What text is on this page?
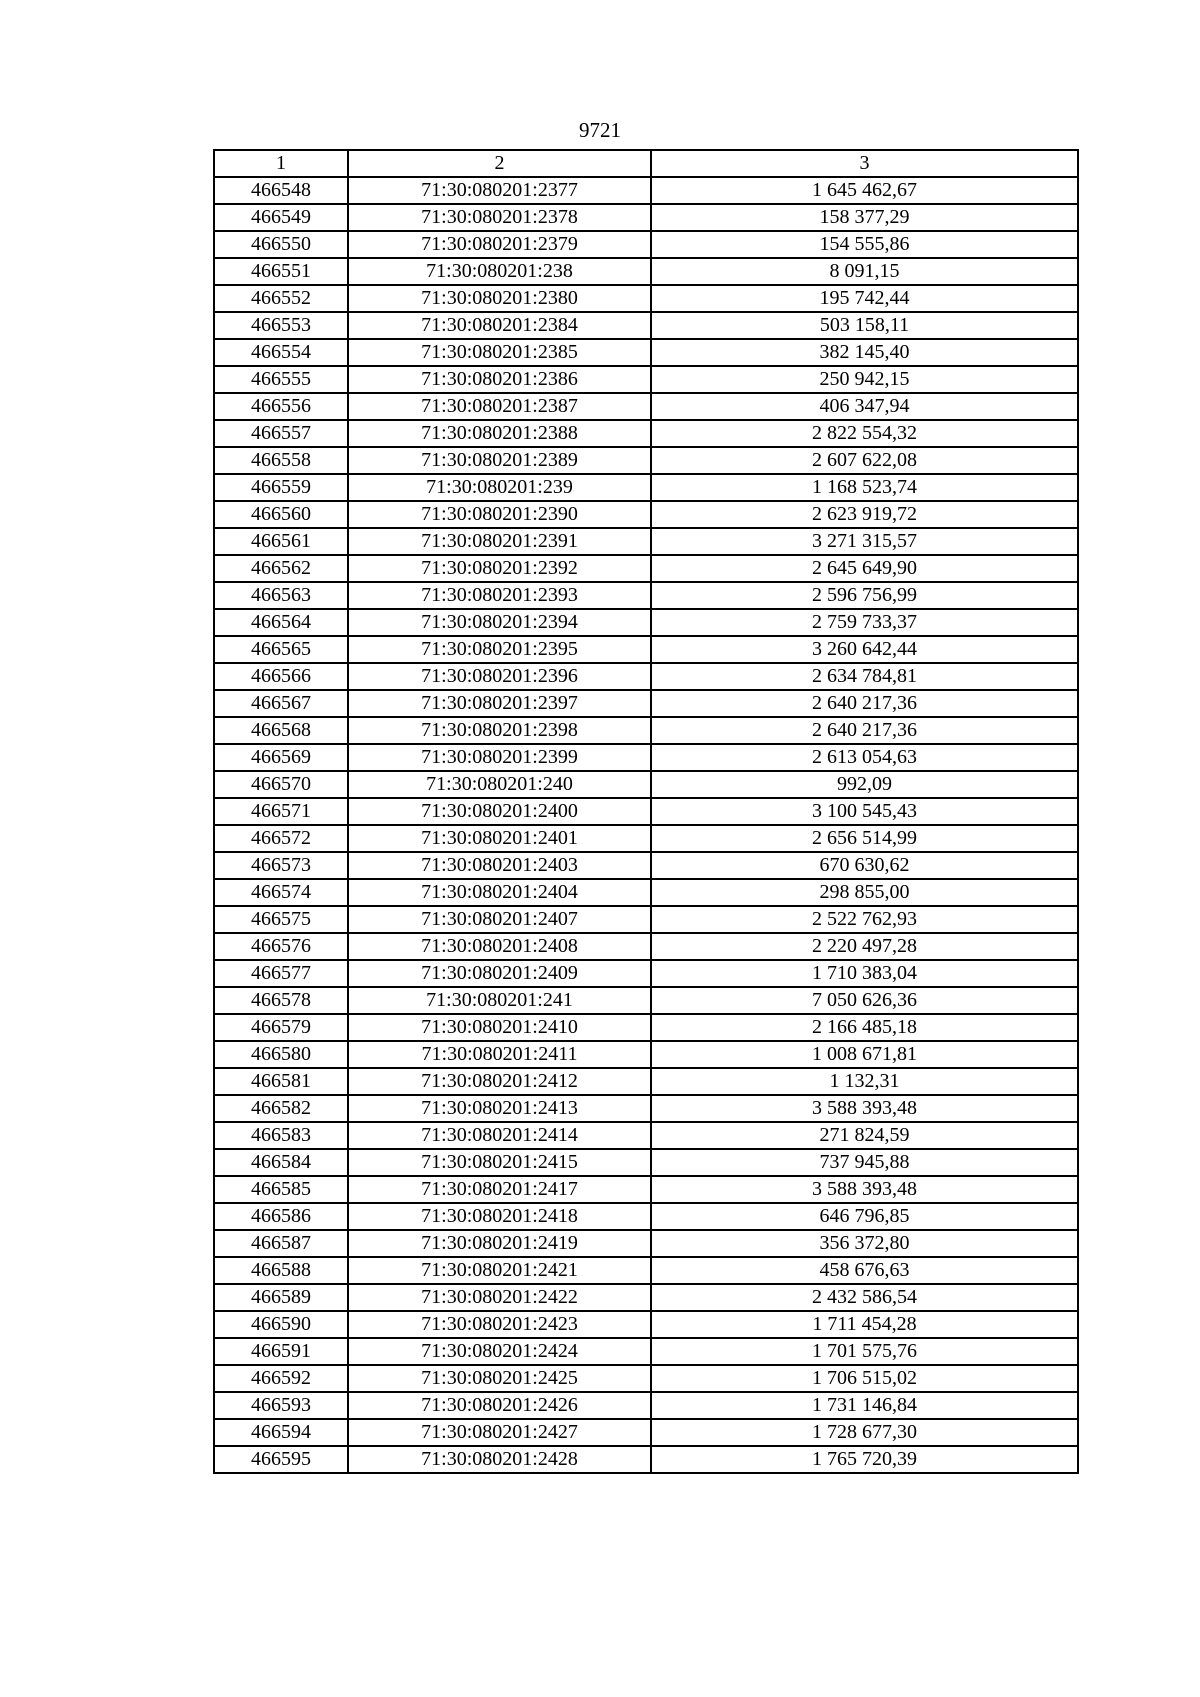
9721
1	2	3
466548	71:30:080201:2377	1 645 462,67
466549	71:30:080201:2378	158 377,29
466550	71:30:080201:2379	154 555,86
466551	71:30:080201:238	8 091,15
466552	71:30:080201:2380	195 742,44
466553	71:30:080201:2384	503 158,11
466554	71:30:080201:2385	382 145,40
466555	71:30:080201:2386	250 942,15
466556	71:30:080201:2387	406 347,94
466557	71:30:080201:2388	2 822 554,32
466558	71:30:080201:2389	2 607 622,08
466559	71:30:080201:239	1 168 523,74
466560	71:30:080201:2390	2 623 919,72
466561	71:30:080201:2391	3 271 315,57
466562	71:30:080201:2392	2 645 649,90
466563	71:30:080201:2393	2 596 756,99
466564	71:30:080201:2394	2 759 733,37
466565	71:30:080201:2395	3 260 642,44
466566	71:30:080201:2396	2 634 784,81
466567	71:30:080201:2397	2 640 217,36
466568	71:30:080201:2398	2 640 217,36
466569	71:30:080201:2399	2 613 054,63
466570	71:30:080201:240	992,09
466571	71:30:080201:2400	3 100 545,43
466572	71:30:080201:2401	2 656 514,99
466573	71:30:080201:2403	670 630,62
466574	71:30:080201:2404	298 855,00
466575	71:30:080201:2407	2 522 762,93
466576	71:30:080201:2408	2 220 497,28
466577	71:30:080201:2409	1 710 383,04
466578	71:30:080201:241	7 050 626,36
466579	71:30:080201:2410	2 166 485,18
466580	71:30:080201:2411	1 008 671,81
466581	71:30:080201:2412	1 132,31
466582	71:30:080201:2413	3 588 393,48
466583	71:30:080201:2414	271 824,59
466584	71:30:080201:2415	737 945,88
466585	71:30:080201:2417	3 588 393,48
466586	71:30:080201:2418	646 796,85
466587	71:30:080201:2419	356 372,80
466588	71:30:080201:2421	458 676,63
466589	71:30:080201:2422	2 432 586,54
466590	71:30:080201:2423	1 711 454,28
466591	71:30:080201:2424	1 701 575,76
466592	71:30:080201:2425	1 706 515,02
466593	71:30:080201:2426	1 731 146,84
466594	71:30:080201:2427	1 728 677,30
466595	71:30:080201:2428	1 765 720,39
